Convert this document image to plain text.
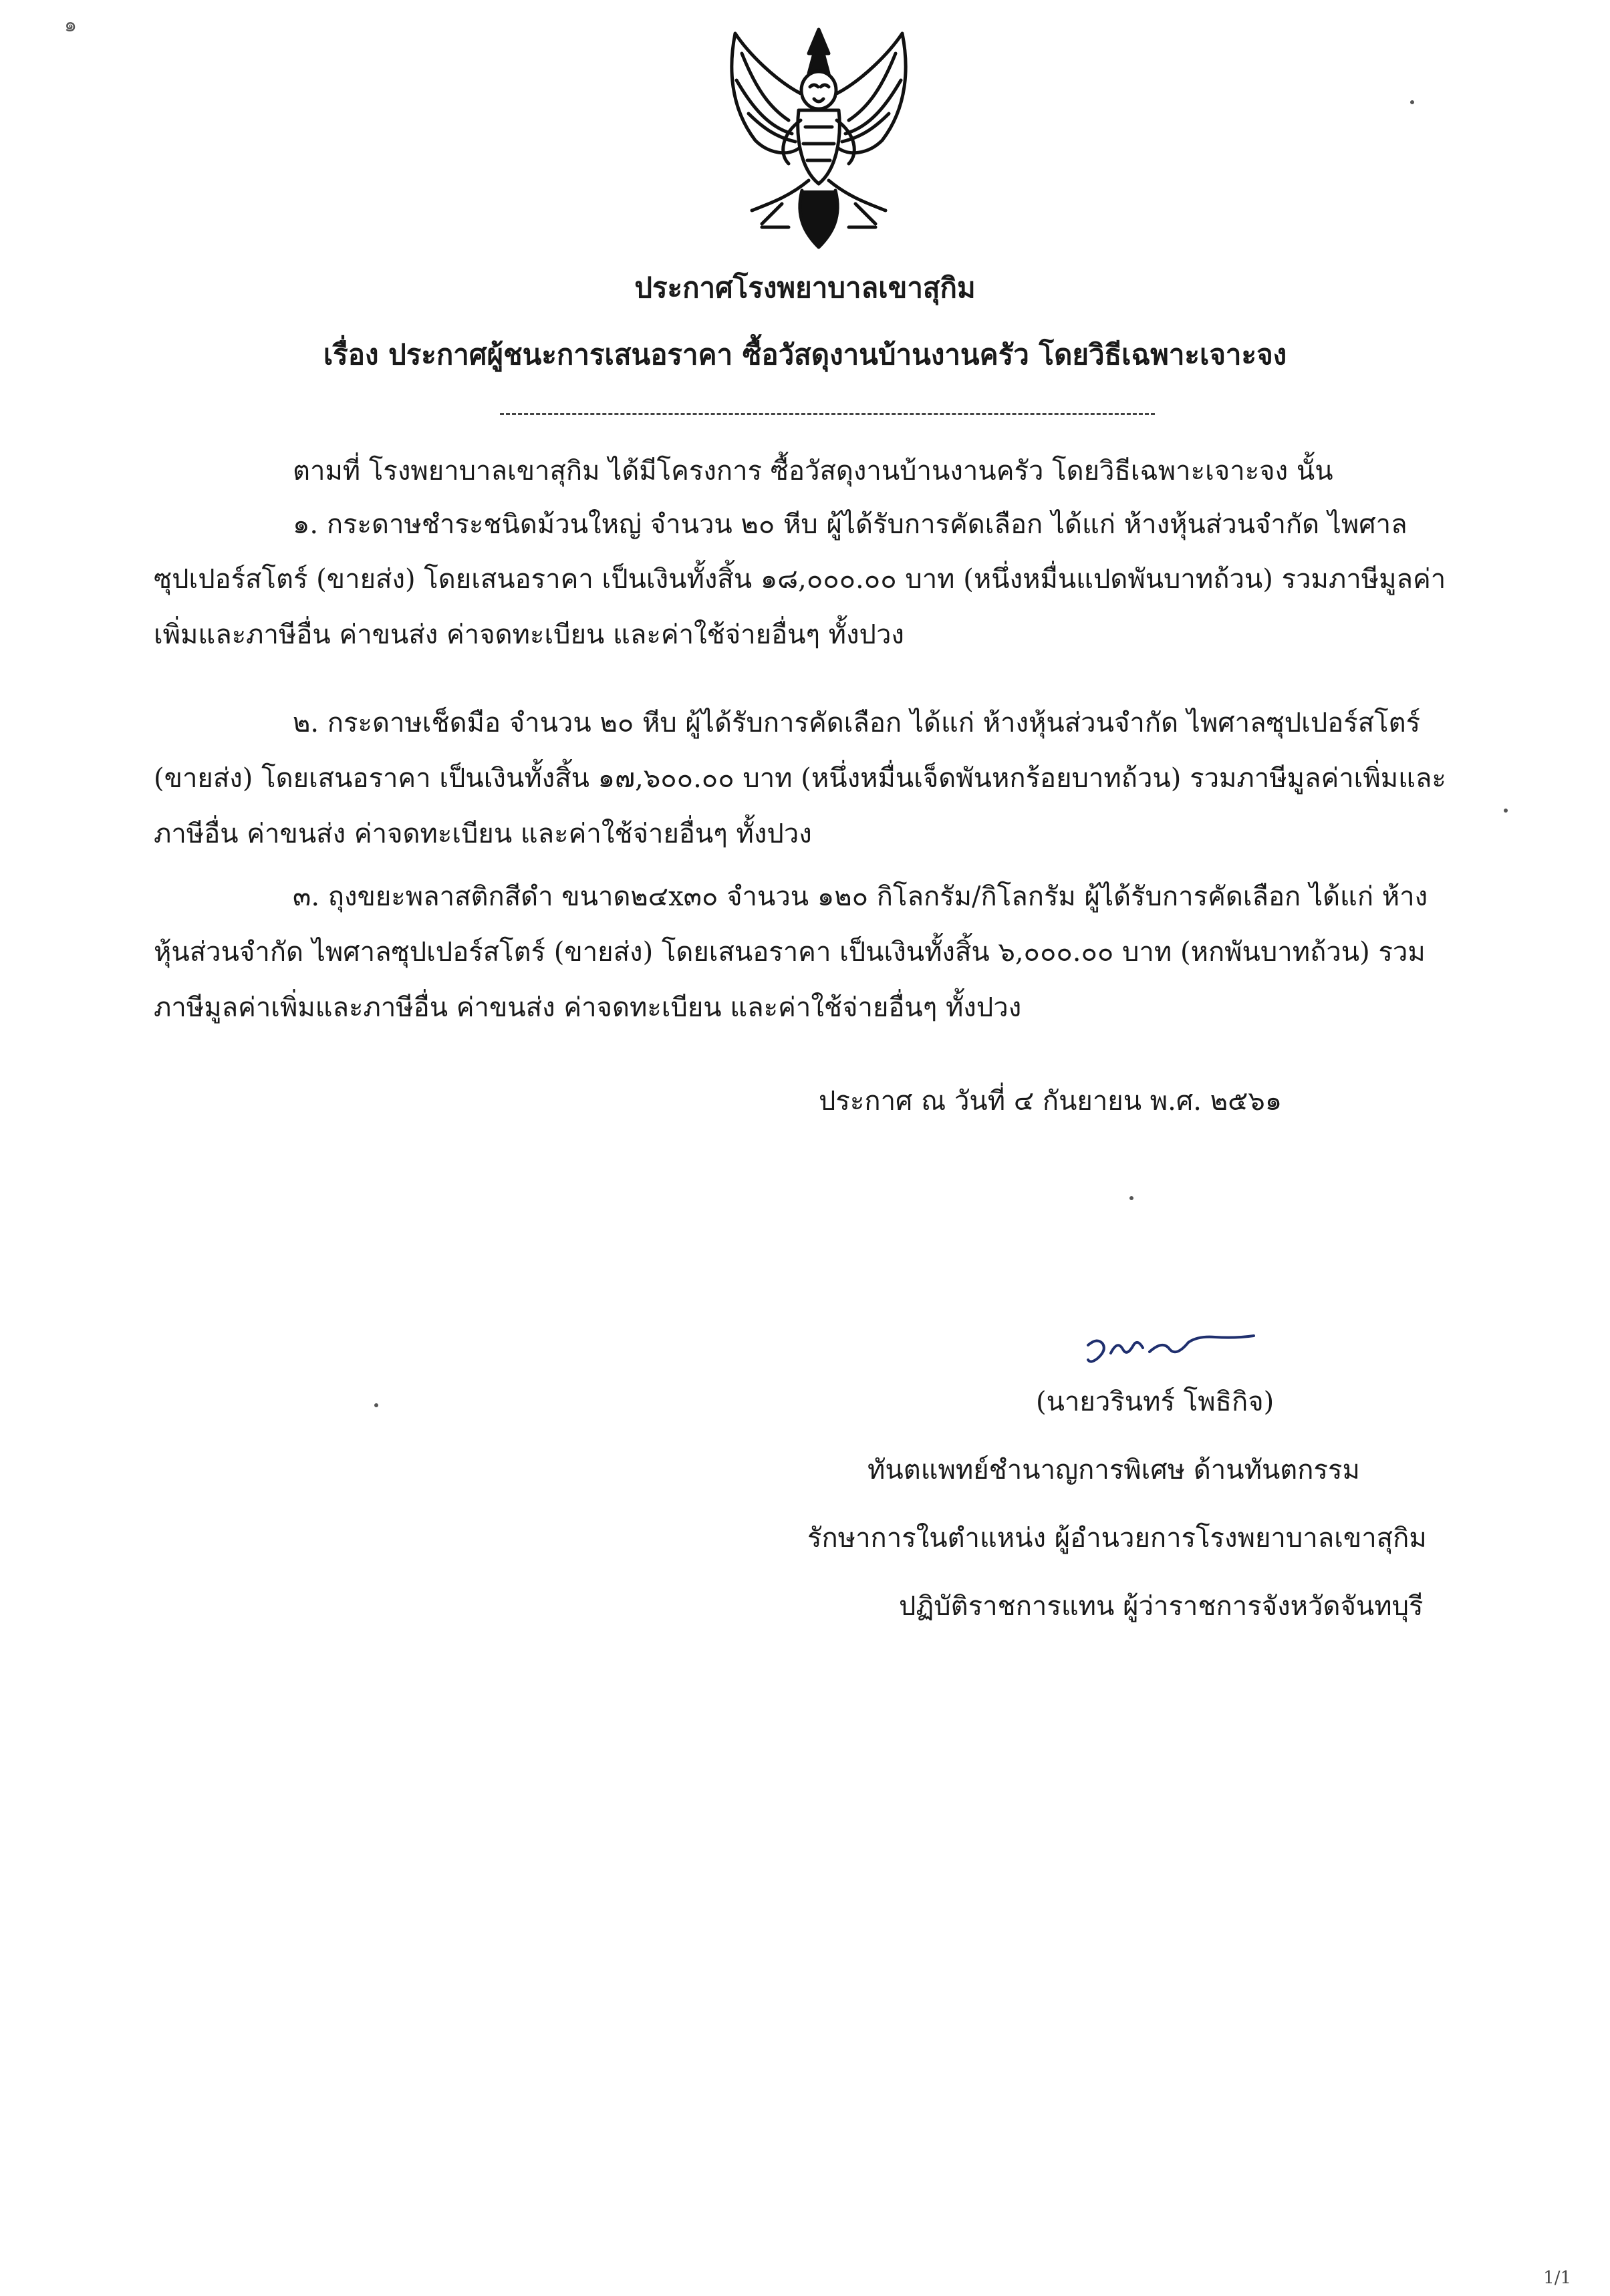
๑
ประกาศโรงพยาบาลเขาสุกิม
เรื่อง ประกาศผู้ชนะการเสนอราคา ซื้อวัสดุงานบ้านงานครัว โดยวิธีเฉพาะเจาะจง
ตามที่ โรงพยาบาลเขาสุกิม ได้มีโครงการ ซื้อวัสดุงานบ้านงานครัว โดยวิธีเฉพาะเจาะจง นั้น
๑. กระดาษชำระชนิดม้วนใหญ่ จำนวน ๒๐ หีบ ผู้ได้รับการคัดเลือก ได้แก่ ห้างหุ้นส่วนจำกัด ไพศาล
ซุปเปอร์สโตร์ (ขายส่ง) โดยเสนอราคา เป็นเงินทั้งสิ้น ๑๘,๐๐๐.๐๐ บาท (หนึ่งหมื่นแปดพันบาทถ้วน) รวมภาษีมูลค่า
เพิ่มและภาษีอื่น ค่าขนส่ง ค่าจดทะเบียน และค่าใช้จ่ายอื่นๆ ทั้งปวง
๒. กระดาษเช็ดมือ จำนวน ๒๐ หีบ ผู้ได้รับการคัดเลือก ได้แก่ ห้างหุ้นส่วนจำกัด ไพศาลซุปเปอร์สโตร์
(ขายส่ง) โดยเสนอราคา เป็นเงินทั้งสิ้น ๑๗,๖๐๐.๐๐ บาท (หนึ่งหมื่นเจ็ดพันหกร้อยบาทถ้วน) รวมภาษีมูลค่าเพิ่มและ
ภาษีอื่น ค่าขนส่ง ค่าจดทะเบียน และค่าใช้จ่ายอื่นๆ ทั้งปวง
๓. ถุงขยะพลาสติกสีดำ ขนาด๒๔x๓๐ จำนวน ๑๒๐ กิโลกรัม/กิโลกรัม ผู้ได้รับการคัดเลือก ได้แก่ ห้าง
หุ้นส่วนจำกัด ไพศาลซุปเปอร์สโตร์ (ขายส่ง) โดยเสนอราคา เป็นเงินทั้งสิ้น ๖,๐๐๐.๐๐ บาท (หกพันบาทถ้วน) รวม
ภาษีมูลค่าเพิ่มและภาษีอื่น ค่าขนส่ง ค่าจดทะเบียน และค่าใช้จ่ายอื่นๆ ทั้งปวง
ประกาศ ณ วันที่ ๔ กันยายน พ.ศ. ๒๕๖๑
(นายวรินทร์ โพธิกิจ)
ทันตแพทย์ชำนาญการพิเศษ ด้านทันตกรรม
รักษาการในตำแหน่ง ผู้อำนวยการโรงพยาบาลเขาสุกิม
ปฏิบัติราชการแทน ผู้ว่าราชการจังหวัดจันทบุรี
1/1
